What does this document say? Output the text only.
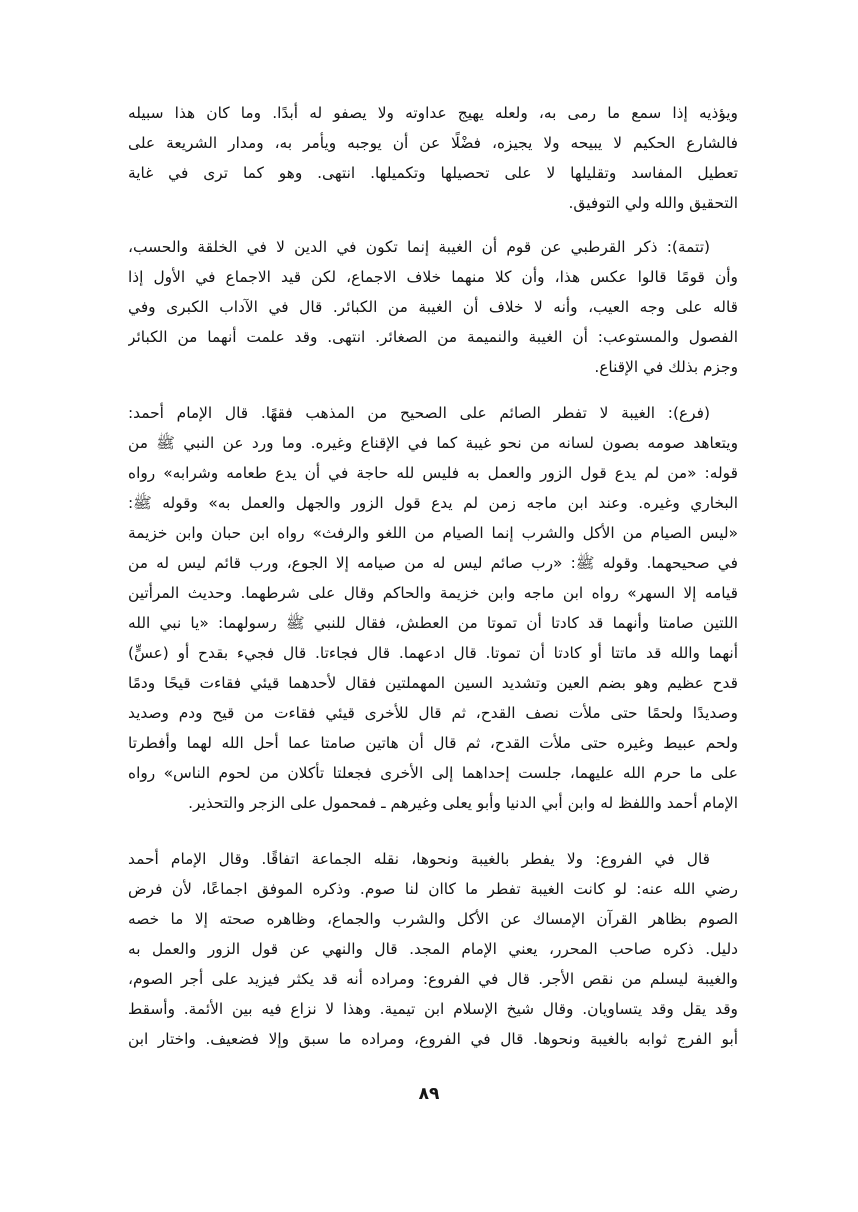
ويؤذيه إذا سمع ما رمى به، ولعله يهيج عداوته ولا يصفو له أبدًا. وما كان هذا سبيله
فالشارع الحكيم لا يبيحه ولا يجيزه، فضْلًا عن أن يوجبه ويأمر به، ومدار الشريعة على
تعطيل المفاسد وتقليلها لا على تحصيلها وتكميلها. انتهى. وهو كما ترى في غاية
التحقيق والله ولي التوفيق.
(تتمة): ذكر القرطبي عن قوم أن الغيبة إنما تكون في الدين لا في الخلقة والحسب،
وأن قومًا قالوا عكس هذا، وأن كلا منهما خلاف الاجماع، لكن قيد الاجماع في الأول إذا
قاله على وجه العيب، وأنه لا خلاف أن الغيبة من الكبائر. قال في الآداب الكبرى وفي
الفصول والمستوعب: أن الغيبة والنميمة من الصغائر. انتهى. وقد علمت أنهما من الكبائر
وجزم بذلك في الإقناع.
(فرع): الغيبة لا تفطر الصائم على الصحيح من المذهب فقهًا. قال الإمام أحمد:
ويتعاهد صومه بصون لسانه من نحو غيبة كما في الإقناع وغيره. وما ورد عن النبي ﷺ من
قوله: «من لم يدع قول الزور والعمل به فليس لله حاجة في أن يدع طعامه وشرابه» رواه
البخاري وغيره. وعند ابن ماجه زمن لم يدع قول الزور والجهل والعمل به» وقوله ﷺ:
«ليس الصيام من الأكل والشرب إنما الصيام من اللغو والرفث» رواه ابن حبان وابن خزيمة
في صحيحهما. وقوله ﷺ: «رب صائم ليس له من صيامه إلا الجوع، ورب قائم ليس له من
قيامه إلا السهر» رواه ابن ماجه وابن خزيمة والحاكم وقال على شرطهما. وحديث المرأتين
اللتين صامتا وأنهما قد كادتا أن تموتا من العطش، فقال للنبي ﷺ رسولهما: «يا نبي الله
أنهما والله قد ماتتا أو كادتا أن تموتا. قال ادعهما. قال فجاءتا. قال فجيء بقدح أو (عسٍّ)
قدح عظيم وهو بضم العين وتشديد السين المهملتين فقال لأحدهما قيئي فقاءت قيحًا ودمًا
وصديدًا ولحمًا حتى ملأت نصف القدح، ثم قال للأخرى قيئي فقاءت من قيح ودم وصديد
ولحم عبيط وغيره حتى ملأت القدح، ثم قال أن هاتين صامتا عما أحل الله لهما وأفطرتا
على ما حرم الله عليهما، جلست إحداهما إلى الأخرى فجعلتا تأكلان من لحوم الناس» رواه
الإمام أحمد واللفظ له وابن أبي الدنيا وأبو يعلى وغيرهم ـ فمحمول على الزجر والتحذير.
قال في الفروع: ولا يفطر بالغيبة ونحوها، نقله الجماعة اتفاقًا. وقال الإمام أحمد
رضي الله عنه: لو كانت الغيبة تفطر ما كاان لنا صوم. وذكره الموفق اجماعًا، لأن فرض
الصوم بظاهر القرآن الإمساك عن الأكل والشرب والجماع، وظاهره صحته إلا ما خصه
دليل. ذكره صاحب المحرر، يعني الإمام المجد. قال والنهي عن قول الزور والعمل به
والغيبة ليسلم من نقص الأجر. قال في الفروع: ومراده أنه قد يكثر فيزيد على أجر الصوم،
وقد يقل وقد يتساويان. وقال شيخ الإسلام ابن تيمية. وهذا لا نزاع فيه بين الأئمة. وأسقط
أبو الفرج ثوابه بالغيبة ونحوها. قال في الفروع، ومراده ما سبق وإلا فضعيف. واختار ابن
٨٩
